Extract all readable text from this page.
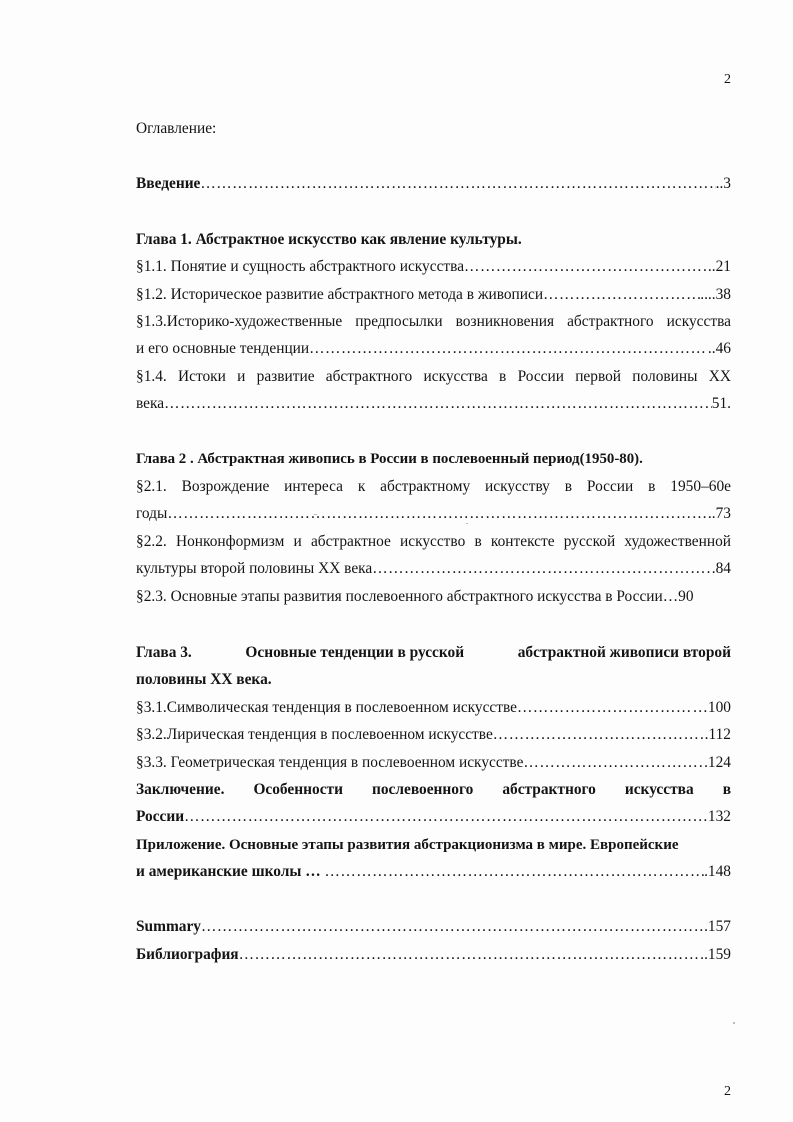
2
Оглавление:
Введение …………………………………………………………………………………………………………………………………………………………………………………………………………	..3
Глава 1. Абстрактное искусство как явление культуры.
§1.1. Понятие и сущность абстрактного искусства …………………………………………………………………………………………………………………………………………………………………………………………………………	..21
§1.2. Историческое развитие абстрактного метода в живописи …………………………………………………………………………………………………………………………………………………………………………………………………………	....38
§1.3.Историко-художественные предпосылки возникновения абстрактного искусства
и его основные тенденции …………………………………………………………………………………………………………………………………………………………………………………………………………	..46
§1.4. Истоки и развитие абстрактного искусства в России первой половины XX
века …………………………………………………………………………………………………………………………………………………………………………………………………………	51.
Глава 2 . Абстрактная живопись в России в послевоенный период(1950-80).
§2.1. Возрождение интереса к абстрактному искусству в России в 1950–60е
годы …………………………………………………………………………………………………………………………………………………………………………………………………………	..73
§2.2. Нонконформизм и абстрактное искусство в контексте русской художественной
культуры второй половины XX века …………………………………………………………………………………………………………………………………………………………………………………………………………	.84
§2.3. Основные этапы развития послевоенного абстрактного искусства в России …90
Глава 3.	Основные тенденции в русской	абстрактной живописи второй
половины XX века.
§3.1.Символическая тенденция в послевоенном искусстве …………………………………………………………………………………………………………………………………………………………………………………………………………	…100
§3.2.Лирическая тенденция в послевоенном искусстве …………………………………………………………………………………………………………………………………………………………………………………………………………	.112
§3.3. Геометрическая тенденция в послевоенном искусстве …………………………………………………………………………………………………………………………………………………………………………………………………………	.124
Заключение. Особенности послевоенного абстрактного искусства в
России …………………………………………………………………………………………………………………………………………………………………………………………………………	…132
Приложение. Основные этапы развития абстракционизма в мире. Европейские
и американские школы … …………………………………………………………………………………………………………………………………………………………………………………………………………	.148
Summary …………………………………………………………………………………………………………………………………………………………………………………………………………	.157
Библиография …………………………………………………………………………………………………………………………………………………………………………………………………………	.159
2
